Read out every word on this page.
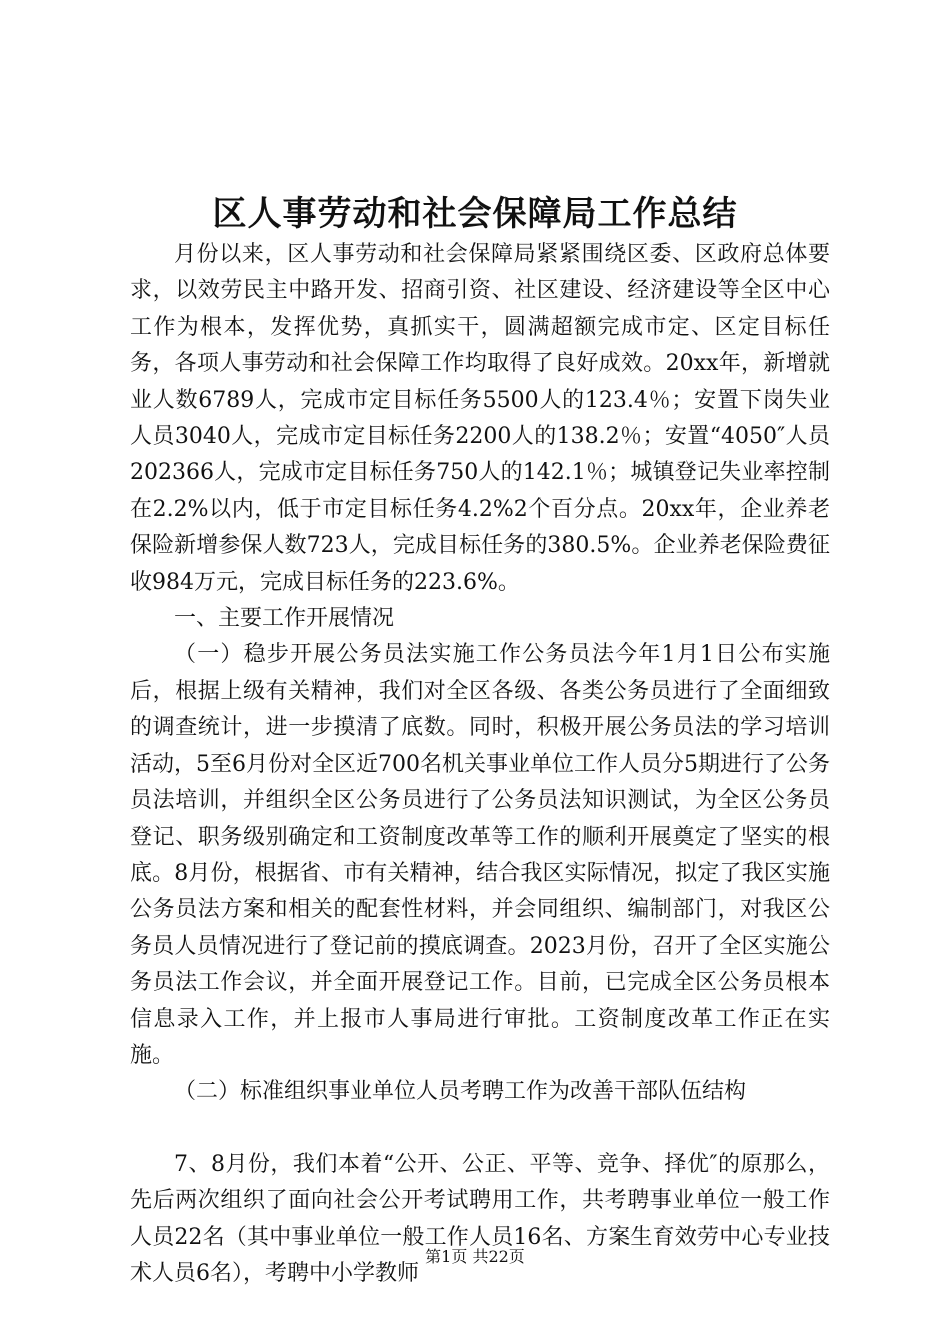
区人事劳动和社会保障局工作总结

月份以来，区人事劳动和社会保障局紧紧围绕区委、区政府总体要求，以效劳民主中路开发、招商引资、社区建设、经济建设等全区中心工作为根本，发挥优势，真抓实干，圆满超额完成市定、区定目标任务，各项人事劳动和社会保障工作均取得了良好成效。20xx年，新增就业人数6789人，完成市定目标任务5500人的123.4％；安置下岗失业人员3040人，完成市定目标任务2200人的138.2％；安置“4050″人员202366人，完成市定目标任务750人的142.1％；城镇登记失业率控制在2.2%以内，低于市定目标任务4.2%2个百分点。20xx年，企业养老保险新增参保人数723人，完成目标任务的380.5%。企业养老保险费征收984万元，完成目标任务的223.6%。

一、主要工作开展情况

（一）稳步开展公务员法实施工作公务员法今年1月1日公布实施后，根据上级有关精神，我们对全区各级、各类公务员进行了全面细致的调查统计，进一步摸清了底数。同时，积极开展公务员法的学习培训活动，5至6月份对全区近700名机关事业单位工作人员分5期进行了公务员法培训，并组织全区公务员进行了公务员法知识测试，为全区公务员登记、职务级别确定和工资制度改革等工作的顺利开展奠定了坚实的根底。8月份，根据省、市有关精神，结合我区实际情况，拟定了我区实施公务员法方案和相关的配套性材料，并会同组织、编制部门，对我区公务员人员情况进行了登记前的摸底调查。2023月份，召开了全区实施公务员法工作会议，并全面开展登记工作。目前，已完成全区公务员根本信息录入工作，并上报市人事局进行审批。工资制度改革工作正在实施。

（二）标准组织事业单位人员考聘工作为改善干部队伍结构

7、8月份，我们本着“公开、公正、平等、竞争、择优″的原那么，先后两次组织了面向社会公开考试聘用工作，共考聘事业单位一般工作人员22名（其中事业单位一般工作人员16名、方案生育效劳中心专业技术人员6名），考聘中小学教师

第1页 共22页
